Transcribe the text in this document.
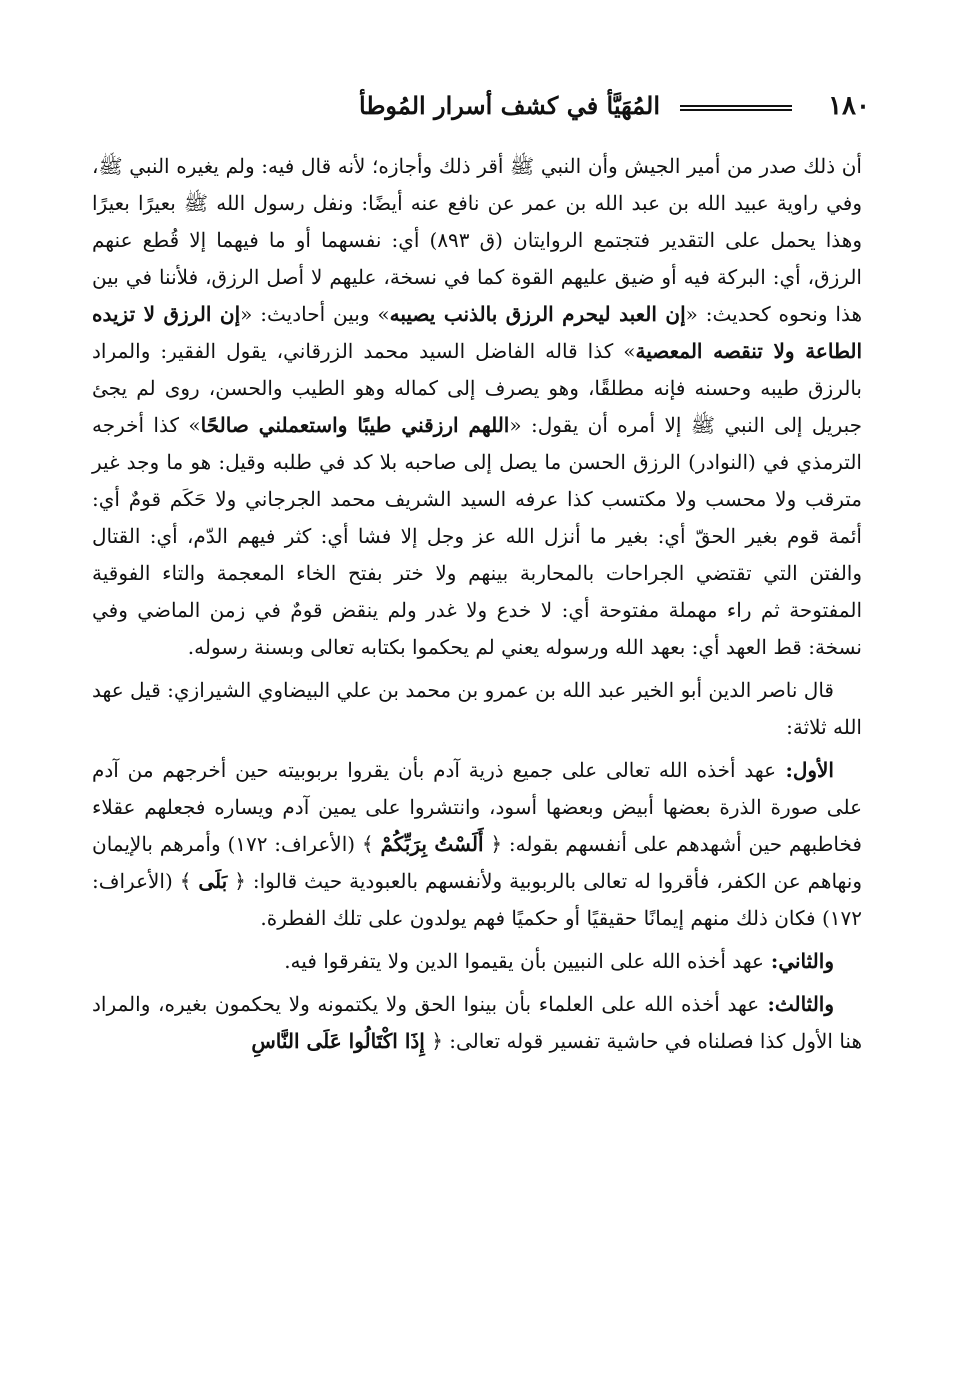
١٨٠
المُهَيَّأ في كشف أسرار المُوطأ

أن ذلك صدر من أمير الجيش وأن النبي ﷺ أقر ذلك وأجازه؛ لأنه قال فيه: ولم يغيره النبي ﷺ، وفي راوية عبيد الله بن عبد الله بن عمر عن نافع عنه أيضًا: ونفل رسول الله ﷺ بعيرًا بعيرًا وهذا يحمل على التقدير فتجتمع الروايتان (ق ٨٩٣) أي: نفسهما أو ما فيهما إلا قُطع عنهم الرزق، أي: البركة فيه أو ضيق عليهم القوة كما في نسخة، عليهم لا أصل الرزق، فلأننا في بين هذا ونحوه كحديث: «إن العبد ليحرم الرزق بالذنب يصيبه» وبين أحاديث: «إن الرزق لا تزيده الطاعة ولا تنقصه المعصية» كذا قاله الفاضل السيد محمد الزرقاني، يقول الفقير: والمراد بالرزق طيبه وحسنه فإنه مطلقًا، وهو يصرف إلى كماله وهو الطيب والحسن، روى لم يجئ جبريل إلى النبي ﷺ إلا أمره أن يقول: «اللهم ارزقني طيبًا واستعملني صالحًا» كذا أخرجه الترمذي في (النوادر) الرزق الحسن ما يصل إلى صاحبه بلا كد في طلبه وقيل: هو ما وجد غير مترقب ولا محسب ولا مكتسب كذا عرفه السيد الشريف محمد الجرجاني ولا حَكَم قومٌ أي: أئمة قوم بغير الحقّ أي: بغير ما أنزل الله عز وجل إلا فشا أي: كثر فيهم الدّم، أي: القتال والفتن التي تقتضي الجراحات بالمحاربة بينهم ولا ختر بفتح الخاء المعجمة والتاء الفوقية المفتوحة ثم راء مهملة مفتوحة أي: لا خدع ولا غدر ولم ينقض قومٌ في زمن الماضي وفي نسخة: قط العهد أي: بعهد الله ورسوله يعني لم يحكموا بكتابه تعالى وبسنة رسوله.

قال ناصر الدين أبو الخير عبد الله بن عمرو بن محمد بن علي البيضاوي الشيرازي: قيل عهد الله ثلاثة:

الأول: عهد أخذه الله تعالى على جميع ذرية آدم بأن يقروا بربوبيته حين أخرجهم من آدم على صورة الذرة بعضها أبيض وبعضها أسود، وانتشروا على يمين آدم ويساره فجعلهم عقلاء فخاطبهم حين أشهدهم على أنفسهم بقوله: ﴿ أَلَسْتُ بِرَبِّكُمْ ﴾ (الأعراف: ١٧٢) وأمرهم بالإيمان ونهاهم عن الكفر، فأقروا له تعالى بالربوبية ولأنفسهم بالعبودية حيث قالوا: ﴿ بَلَى ﴾ (الأعراف: ١٧٢) فكان ذلك منهم إيمانًا حقيقيًا أو حكميًا فهم يولدون على تلك الفطرة.

والثاني: عهد أخذه الله على النبيين بأن يقيموا الدين ولا يتفرقوا فيه.

والثالث: عهد أخذه الله على العلماء بأن بينوا الحق ولا يكتمونه ولا يحكمون بغيره، والمراد هنا الأول كذا فصلناه في حاشية تفسير قوله تعالى: ﴿ إِذَا اكْتَالُوا عَلَى النَّاسِ
